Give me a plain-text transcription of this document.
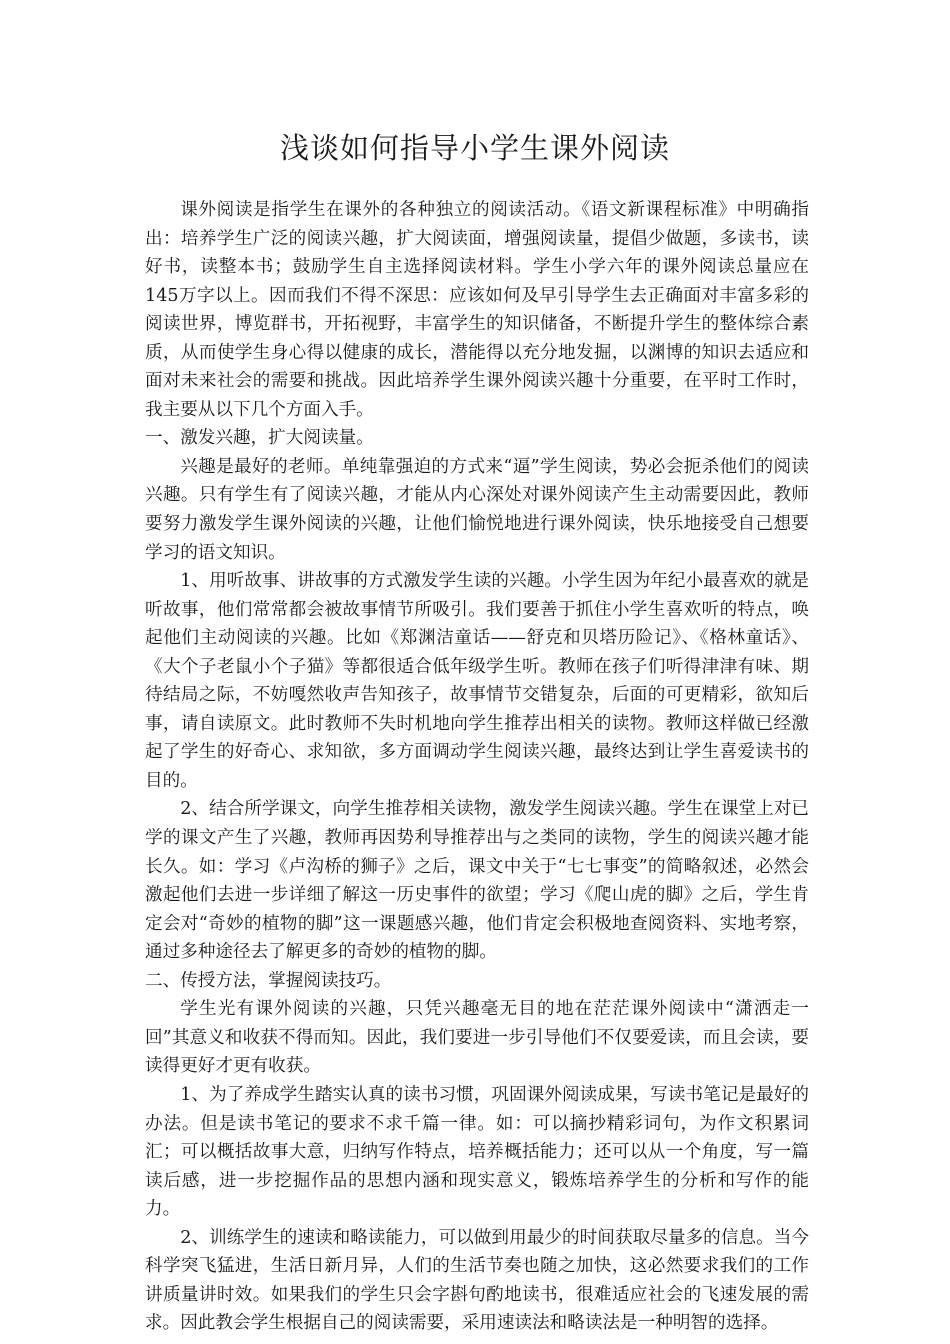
浅谈如何指导小学生课外阅读

课外阅读是指学生在课外的各种独立的阅读活动。《语文新课程标准》中明确指出：培养学生广泛的阅读兴趣，扩大阅读面，增强阅读量，提倡少做题，多读书，读好书，读整本书；鼓励学生自主选择阅读材料。学生小学六年的课外阅读总量应在145万字以上。因而我们不得不深思：应该如何及早引导学生去正确面对丰富多彩的阅读世界，博览群书，开拓视野，丰富学生的知识储备，不断提升学生的整体综合素质，从而使学生身心得以健康的成长，潜能得以充分地发掘，以渊博的知识去适应和面对未来社会的需要和挑战。因此培养学生课外阅读兴趣十分重要，在平时工作时，我主要从以下几个方面入手。

一、激发兴趣，扩大阅读量。

兴趣是最好的老师。单纯靠强迫的方式来“逼”学生阅读，势必会扼杀他们的阅读兴趣。只有学生有了阅读兴趣，才能从内心深处对课外阅读产生主动需要因此，教师要努力激发学生课外阅读的兴趣，让他们愉悦地进行课外阅读，快乐地接受自己想要学习的语文知识。

1、用听故事、讲故事的方式激发学生读的兴趣。小学生因为年纪小最喜欢的就是听故事，他们常常都会被故事情节所吸引。我们要善于抓住小学生喜欢听的特点，唤起他们主动阅读的兴趣。比如《郑渊洁童话——舒克和贝塔历险记》、《格林童话》、《大个子老鼠小个子猫》等都很适合低年级学生听。教师在孩子们听得津津有味、期待结局之际，不妨嘎然收声告知孩子，故事情节交错复杂，后面的可更精彩，欲知后事，请自读原文。此时教师不失时机地向学生推荐出相关的读物。教师这样做已经激起了学生的好奇心、求知欲，多方面调动学生阅读兴趣，最终达到让学生喜爱读书的目的。

2、结合所学课文，向学生推荐相关读物，激发学生阅读兴趣。学生在课堂上对已学的课文产生了兴趣，教师再因势利导推荐出与之类同的读物，学生的阅读兴趣才能长久。如：学习《卢沟桥的狮子》之后，课文中关于“七七事变”的简略叙述，必然会激起他们去进一步详细了解这一历史事件的欲望；学习《爬山虎的脚》之后，学生肯定会对“奇妙的植物的脚”这一课题感兴趣，他们肯定会积极地查阅资料、实地考察，通过多种途径去了解更多的奇妙的植物的脚。

二、传授方法，掌握阅读技巧。

学生光有课外阅读的兴趣，只凭兴趣毫无目的地在茫茫课外阅读中“潇洒走一回”其意义和收获不得而知。因此，我们要进一步引导他们不仅要爱读，而且会读，要读得更好才更有收获。

1、为了养成学生踏实认真的读书习惯，巩固课外阅读成果，写读书笔记是最好的办法。但是读书笔记的要求不求千篇一律。如：可以摘抄精彩词句，为作文积累词汇；可以概括故事大意，归纳写作特点，培养概括能力；还可以从一个角度，写一篇读后感，进一步挖掘作品的思想内涵和现实意义，锻炼培养学生的分析和写作的能力。

2、训练学生的速读和略读能力，可以做到用最少的时间获取尽量多的信息。当今科学突飞猛进，生活日新月异，人们的生活节奏也随之加快，这必然要求我们的工作讲质量讲时效。如果我们的学生只会字斟句酌地读书，很难适应社会的飞速发展的需求。因此教会学生根据自己的阅读需要，采用速读法和略读法是一种明智的选择。
